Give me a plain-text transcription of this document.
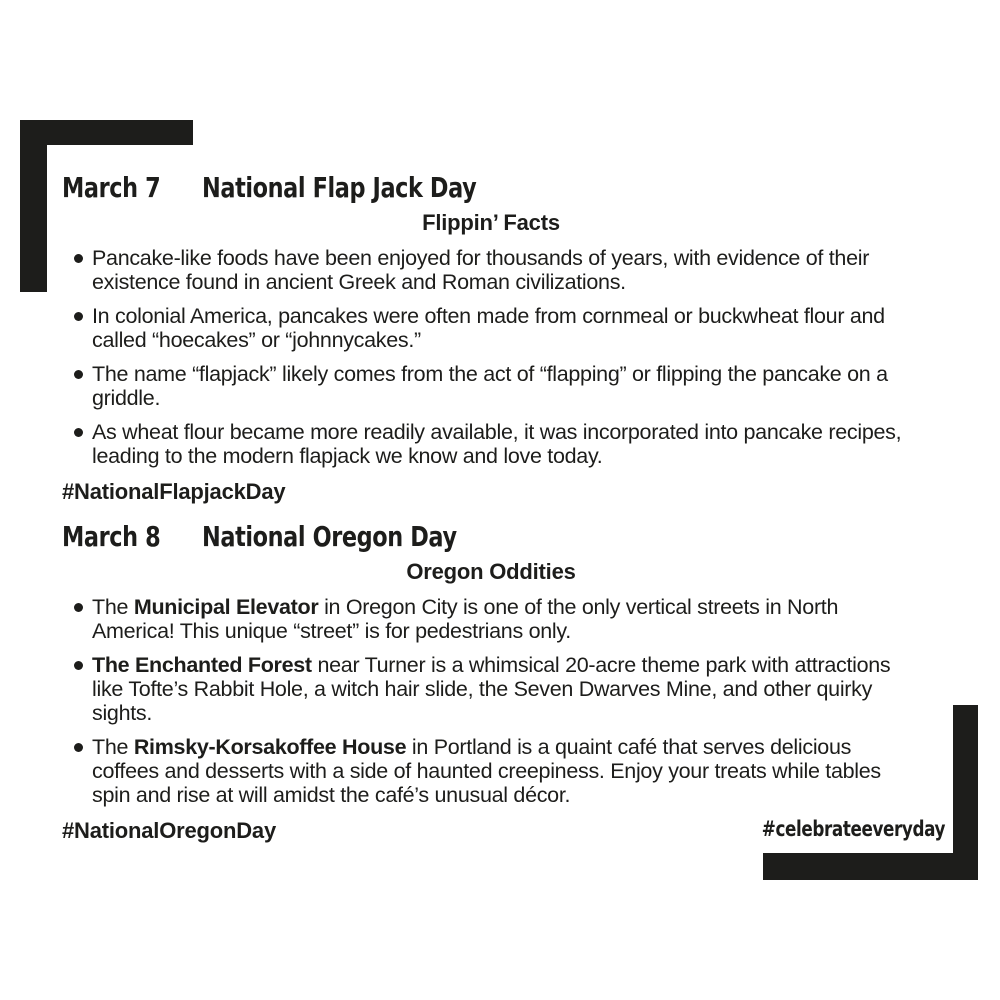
March 7	National Flap Jack Day
Flippin’ Facts

Pancake-like foods have been enjoyed for thousands of years, with evidence of their existence found in ancient Greek and Roman civilizations.

In colonial America, pancakes were often made from cornmeal or buckwheat flour and called “hoecakes” or “johnnycakes.”

The name “flapjack” likely comes from the act of “flapping” or flipping the pancake on a griddle.

As wheat flour became more readily available, it was incorporated into pancake recipes, leading to the modern flapjack we know and love today.

#NationalFlapjackDay
March 8	National Oregon Day
Oregon Oddities

The Municipal Elevator in Oregon City is one of the only vertical streets in North America! This unique “street” is for pedestrians only.

The Enchanted Forest near Turner is a whimsical 20-acre theme park with attractions like Tofte’s Rabbit Hole, a witch hair slide, the Seven Dwarves Mine, and other quirky sights.

The Rimsky-Korsakoffee House in Portland is a quaint café that serves delicious coffees and desserts with a side of haunted creepiness. Enjoy your treats while tables spin and rise at will amidst the café’s unusual décor.

#NationalOregonDay	#celebrateeveryday
